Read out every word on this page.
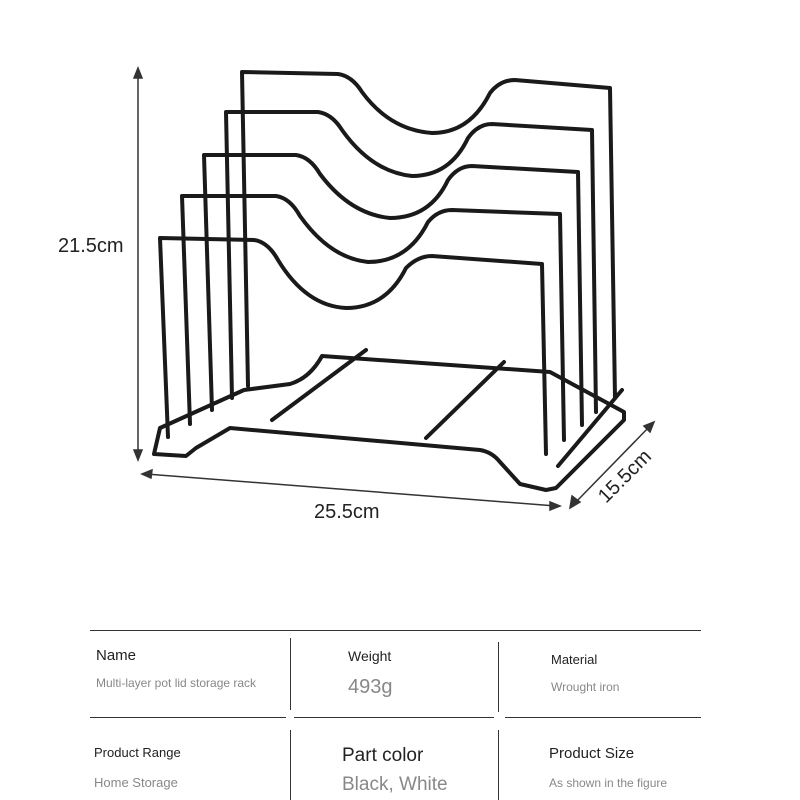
21.5cm
25.5cm
15.5cm
Name
Multi-layer pot lid storage rack
Weight
493g
Material
Wrought iron
Product Range
Home Storage
Part color
Black, White
Product Size
As shown in the figure
